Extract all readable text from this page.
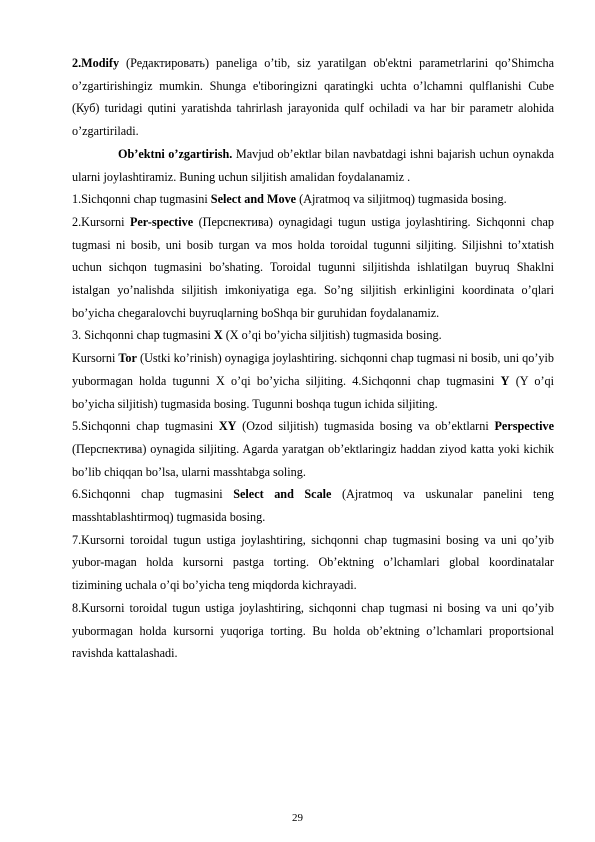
2.Modify (Редактировать) paneliga o’tib, siz yaratilgan ob'ektni parametrlarini qo’Shimcha o’zgartirishingiz mumkin. Shunga e'tiboringizni qaratingki uchta o’lchamni qulflanishi Cube (Куб) turidagi qutini yaratishda tahrirlash jarayonida qulf ochiladi va har bir parametr alohida o’zgartiriladi.

Ob’ektni o’zgartirish. Mavjud ob’ektlar bilan navbatdagi ishni bajarish uchun oynakda ularni joylashtiramiz. Buning uchun siljitish amalidan foydalanamiz .

1.Sichqonni chap tugmasini Select and Move (Ajratmoq va siljitmoq) tugmasida bosing.

2.Kursorni Per-spective (Перспектива) oynagidagi tugun ustiga joylashtiring. Sichqonni chap tugmasi ni bosib, uni bosib turgan va mos holda toroidal tugunni siljiting. Siljishni to’xtatish uchun sichqon tugmasini bo’shating. Toroidal tugunni siljitishda ishlatilgan buyruq Shaklni istalgan yo’nalishda siljitish imkoniyatiga ega. So’ng siljitish erkinligini koordinata o’qlari bo’yicha chegaralovchi buyruqlarning boShqa bir guruhidan foydalanamiz.

3. Sichqonni chap tugmasini X (X o’qi bo’yicha siljitish) tugmasida bosing.

Kursorni Tor (Ustki ko’rinish) oynagiga joylashtiring. sichqonni chap tugmasi ni bosib, uni qo’yib yubormagan holda tugunni X o’qi bo’yicha siljiting. 4.Sichqonni chap tugmasini Y (Y o’qi bo’yicha siljitish) tugmasida bosing. Tugunni boshqa tugun ichida siljiting.

5.Sichqonni chap tugmasini XY (Ozod siljitish) tugmasida bosing va ob’ektlarni Perspective (Перспектива) oynagida siljiting. Agarda yaratgan ob’ektlaringiz haddan ziyod katta yoki kichik bo’lib chiqqan bo’lsa, ularni masshtabga soling.

6.Sichqonni chap tugmasini Select and Scale (Ajratmoq va uskunalar panelini teng masshtablashtirmoq) tugmasida bosing.

7.Kursorni toroidal tugun ustiga joylashtiring, sichqonni chap tugmasini bosing va uni qo’yib yubor-magan holda kursorni pastga torting. Ob’ektning o’lchamlari global koordinatalar tizimining uchala o’qi bo’yicha teng miqdorda kichrayadi.

8.Kursorni toroidal tugun ustiga joylashtiring, sichqonni chap tugmasi ni bosing va uni qo’yib yubormagan holda kursorni yuqoriga torting. Bu holda ob’ektning o’lchamlari proportsional ravishda kattalashadi.

29
